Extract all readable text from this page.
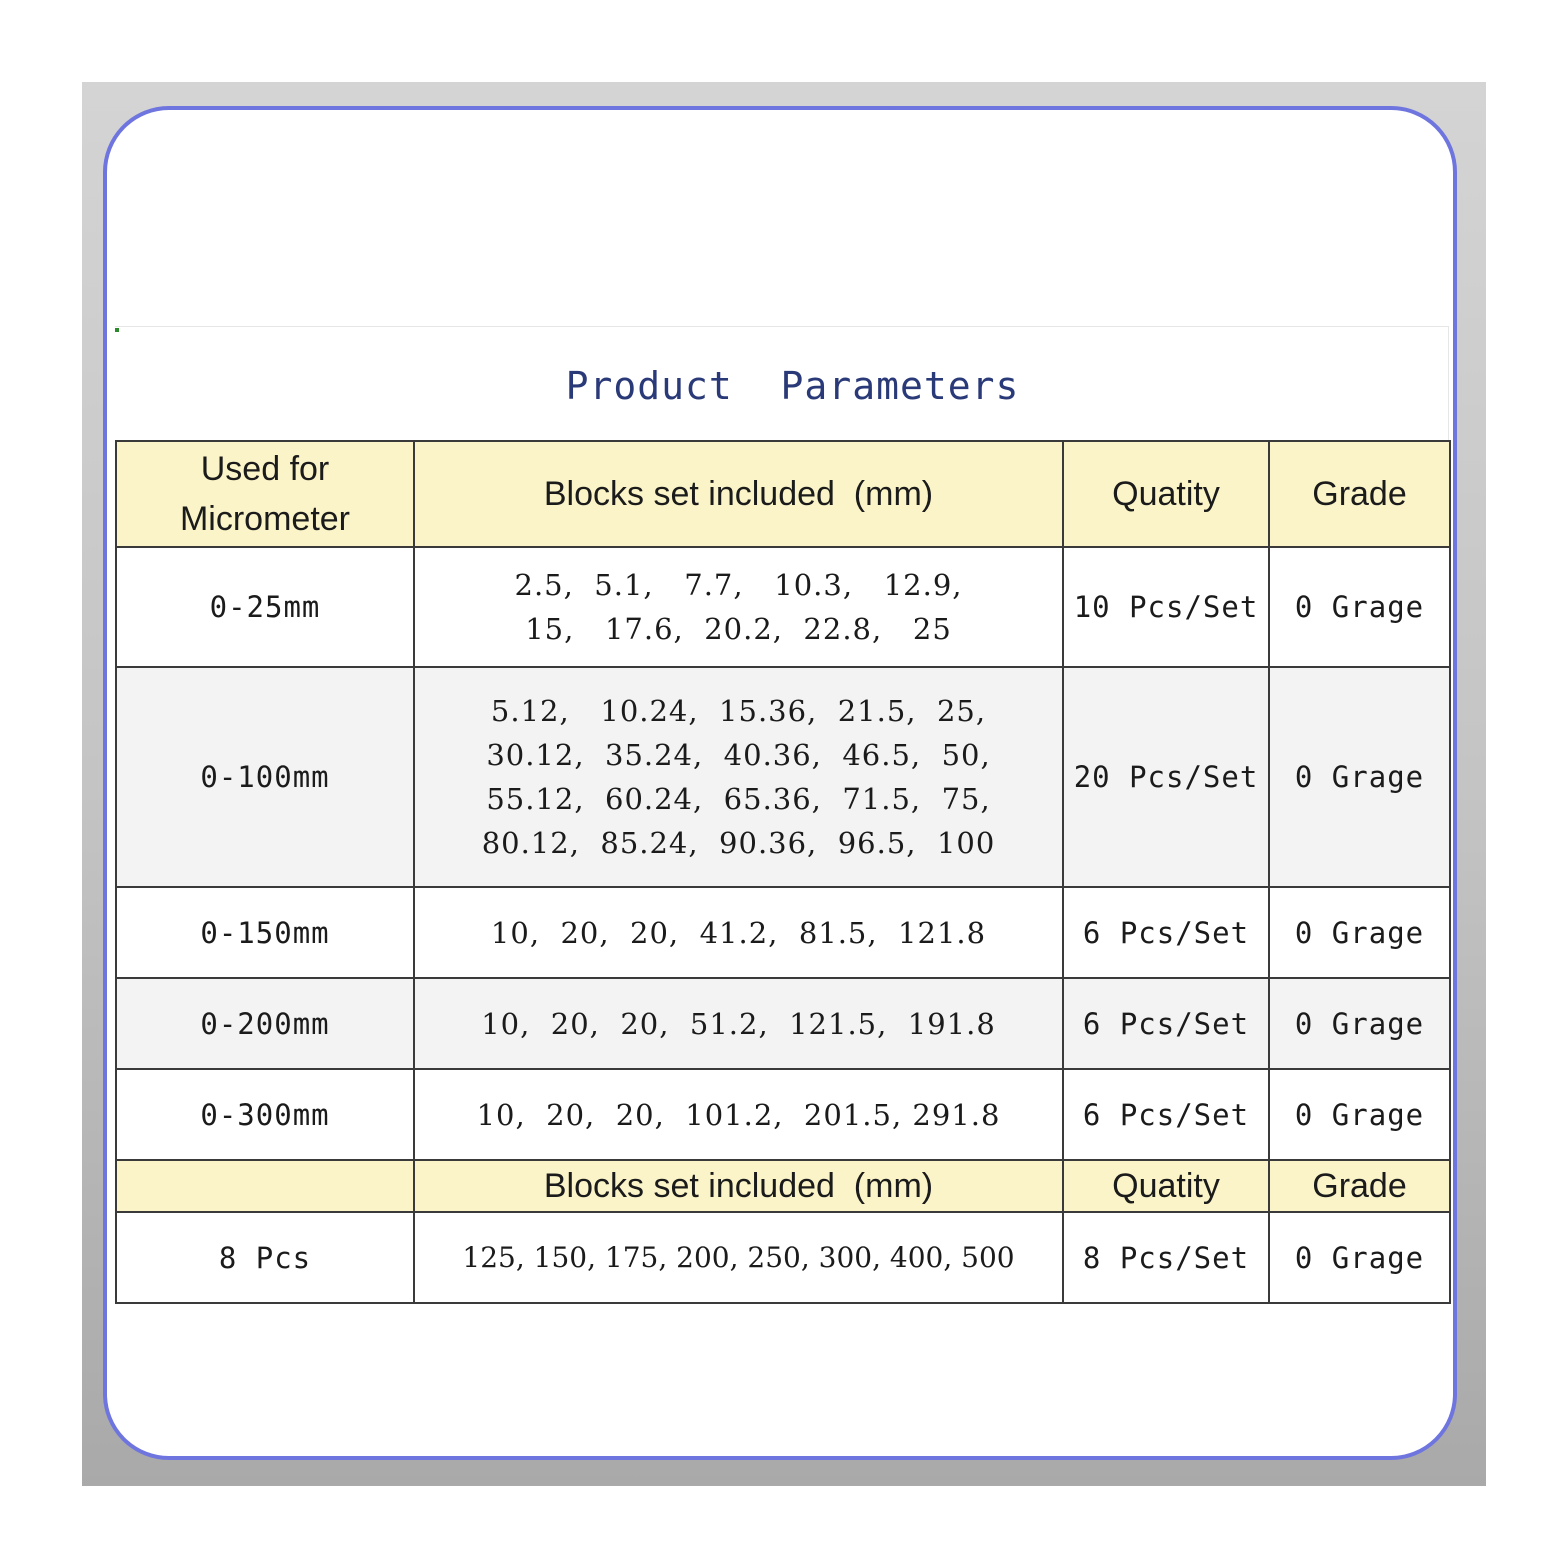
Product  Parameters
Used for
Micrometer	Blocks set included  (mm)	Quatity	Grade
0-25mm	2.5,  5.1,   7.7,   10.3,   12.9,
15,   17.6,  20.2,  22.8,   25	10 Pcs/Set	0 Grage
0-100mm	5.12,   10.24,  15.36,  21.5,  25,
30.12,  35.24,  40.36,  46.5,  50,
55.12,  60.24,  65.36,  71.5,  75,
80.12,  85.24,  90.36,  96.5,  100	20 Pcs/Set	0 Grage
0-150mm	10,  20,  20,  41.2,  81.5,  121.8	6 Pcs/Set	0 Grage
0-200mm	10,  20,  20,  51.2,  121.5,  191.8	6 Pcs/Set	0 Grage
0-300mm	10,  20,  20,  101.2,  201.5, 291.8	6 Pcs/Set	0 Grage
	Blocks set included  (mm)	Quatity	Grade
8 Pcs	125, 150, 175, 200, 250, 300, 400, 500	8 Pcs/Set	0 Grage
